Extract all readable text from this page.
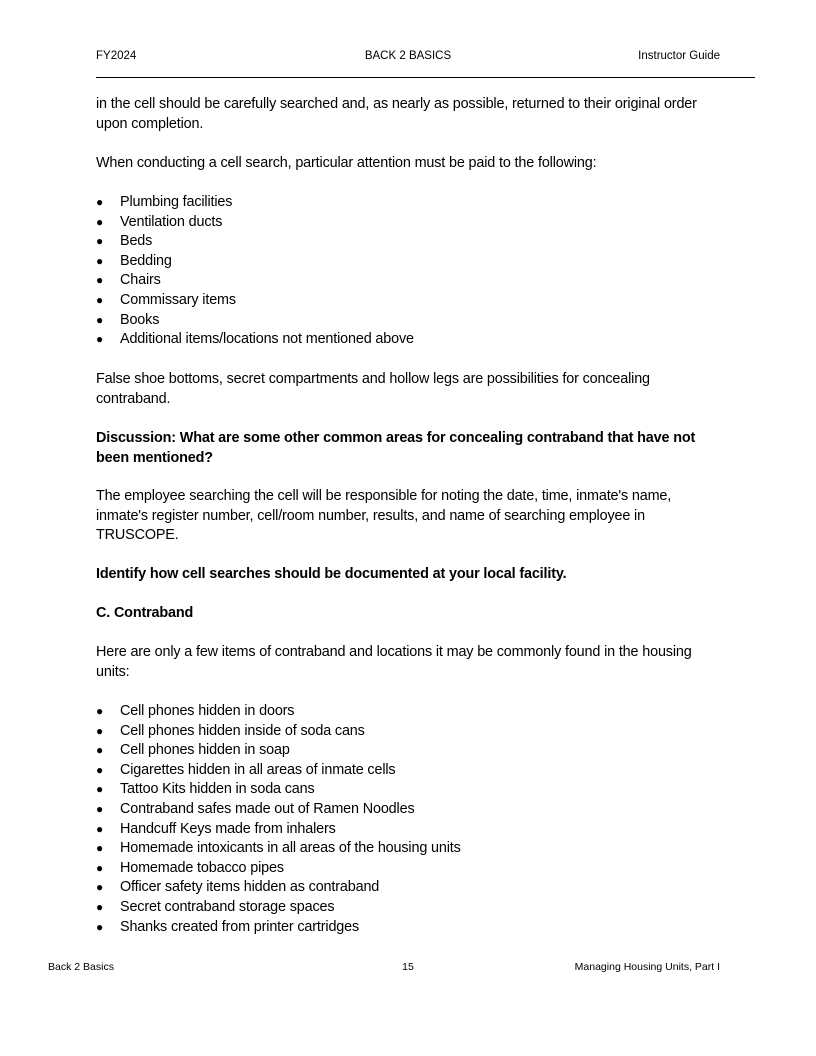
FY2024	BACK 2 BASICS	Instructor Guide

in the cell should be carefully searched and, as nearly as possible, returned to their original order upon completion.

When conducting a cell search, particular attention must be paid to the following:

● Plumbing facilities
● Ventilation ducts
● Beds
● Bedding
● Chairs
● Commissary items
● Books
● Additional items/locations not mentioned above

False shoe bottoms, secret compartments and hollow legs are possibilities for concealing contraband.

Discussion: What are some other common areas for concealing contraband that have not been mentioned?

The employee searching the cell will be responsible for noting the date, time, inmate's name, inmate's register number, cell/room number, results, and name of searching employee in TRUSCOPE.

Identify how cell searches should be documented at your local facility.

C. Contraband

Here are only a few items of contraband and locations it may be commonly found in the housing units:

● Cell phones hidden in doors
● Cell phones hidden inside of soda cans
● Cell phones hidden in soap
● Cigarettes hidden in all areas of inmate cells
● Tattoo Kits hidden in soda cans
● Contraband safes made out of Ramen Noodles
● Handcuff Keys made from inhalers
● Homemade intoxicants in all areas of the housing units
● Homemade tobacco pipes
● Officer safety items hidden as contraband
● Secret contraband storage spaces
● Shanks created from printer cartridges
Back 2 Basics	15	Managing Housing Units, Part I
